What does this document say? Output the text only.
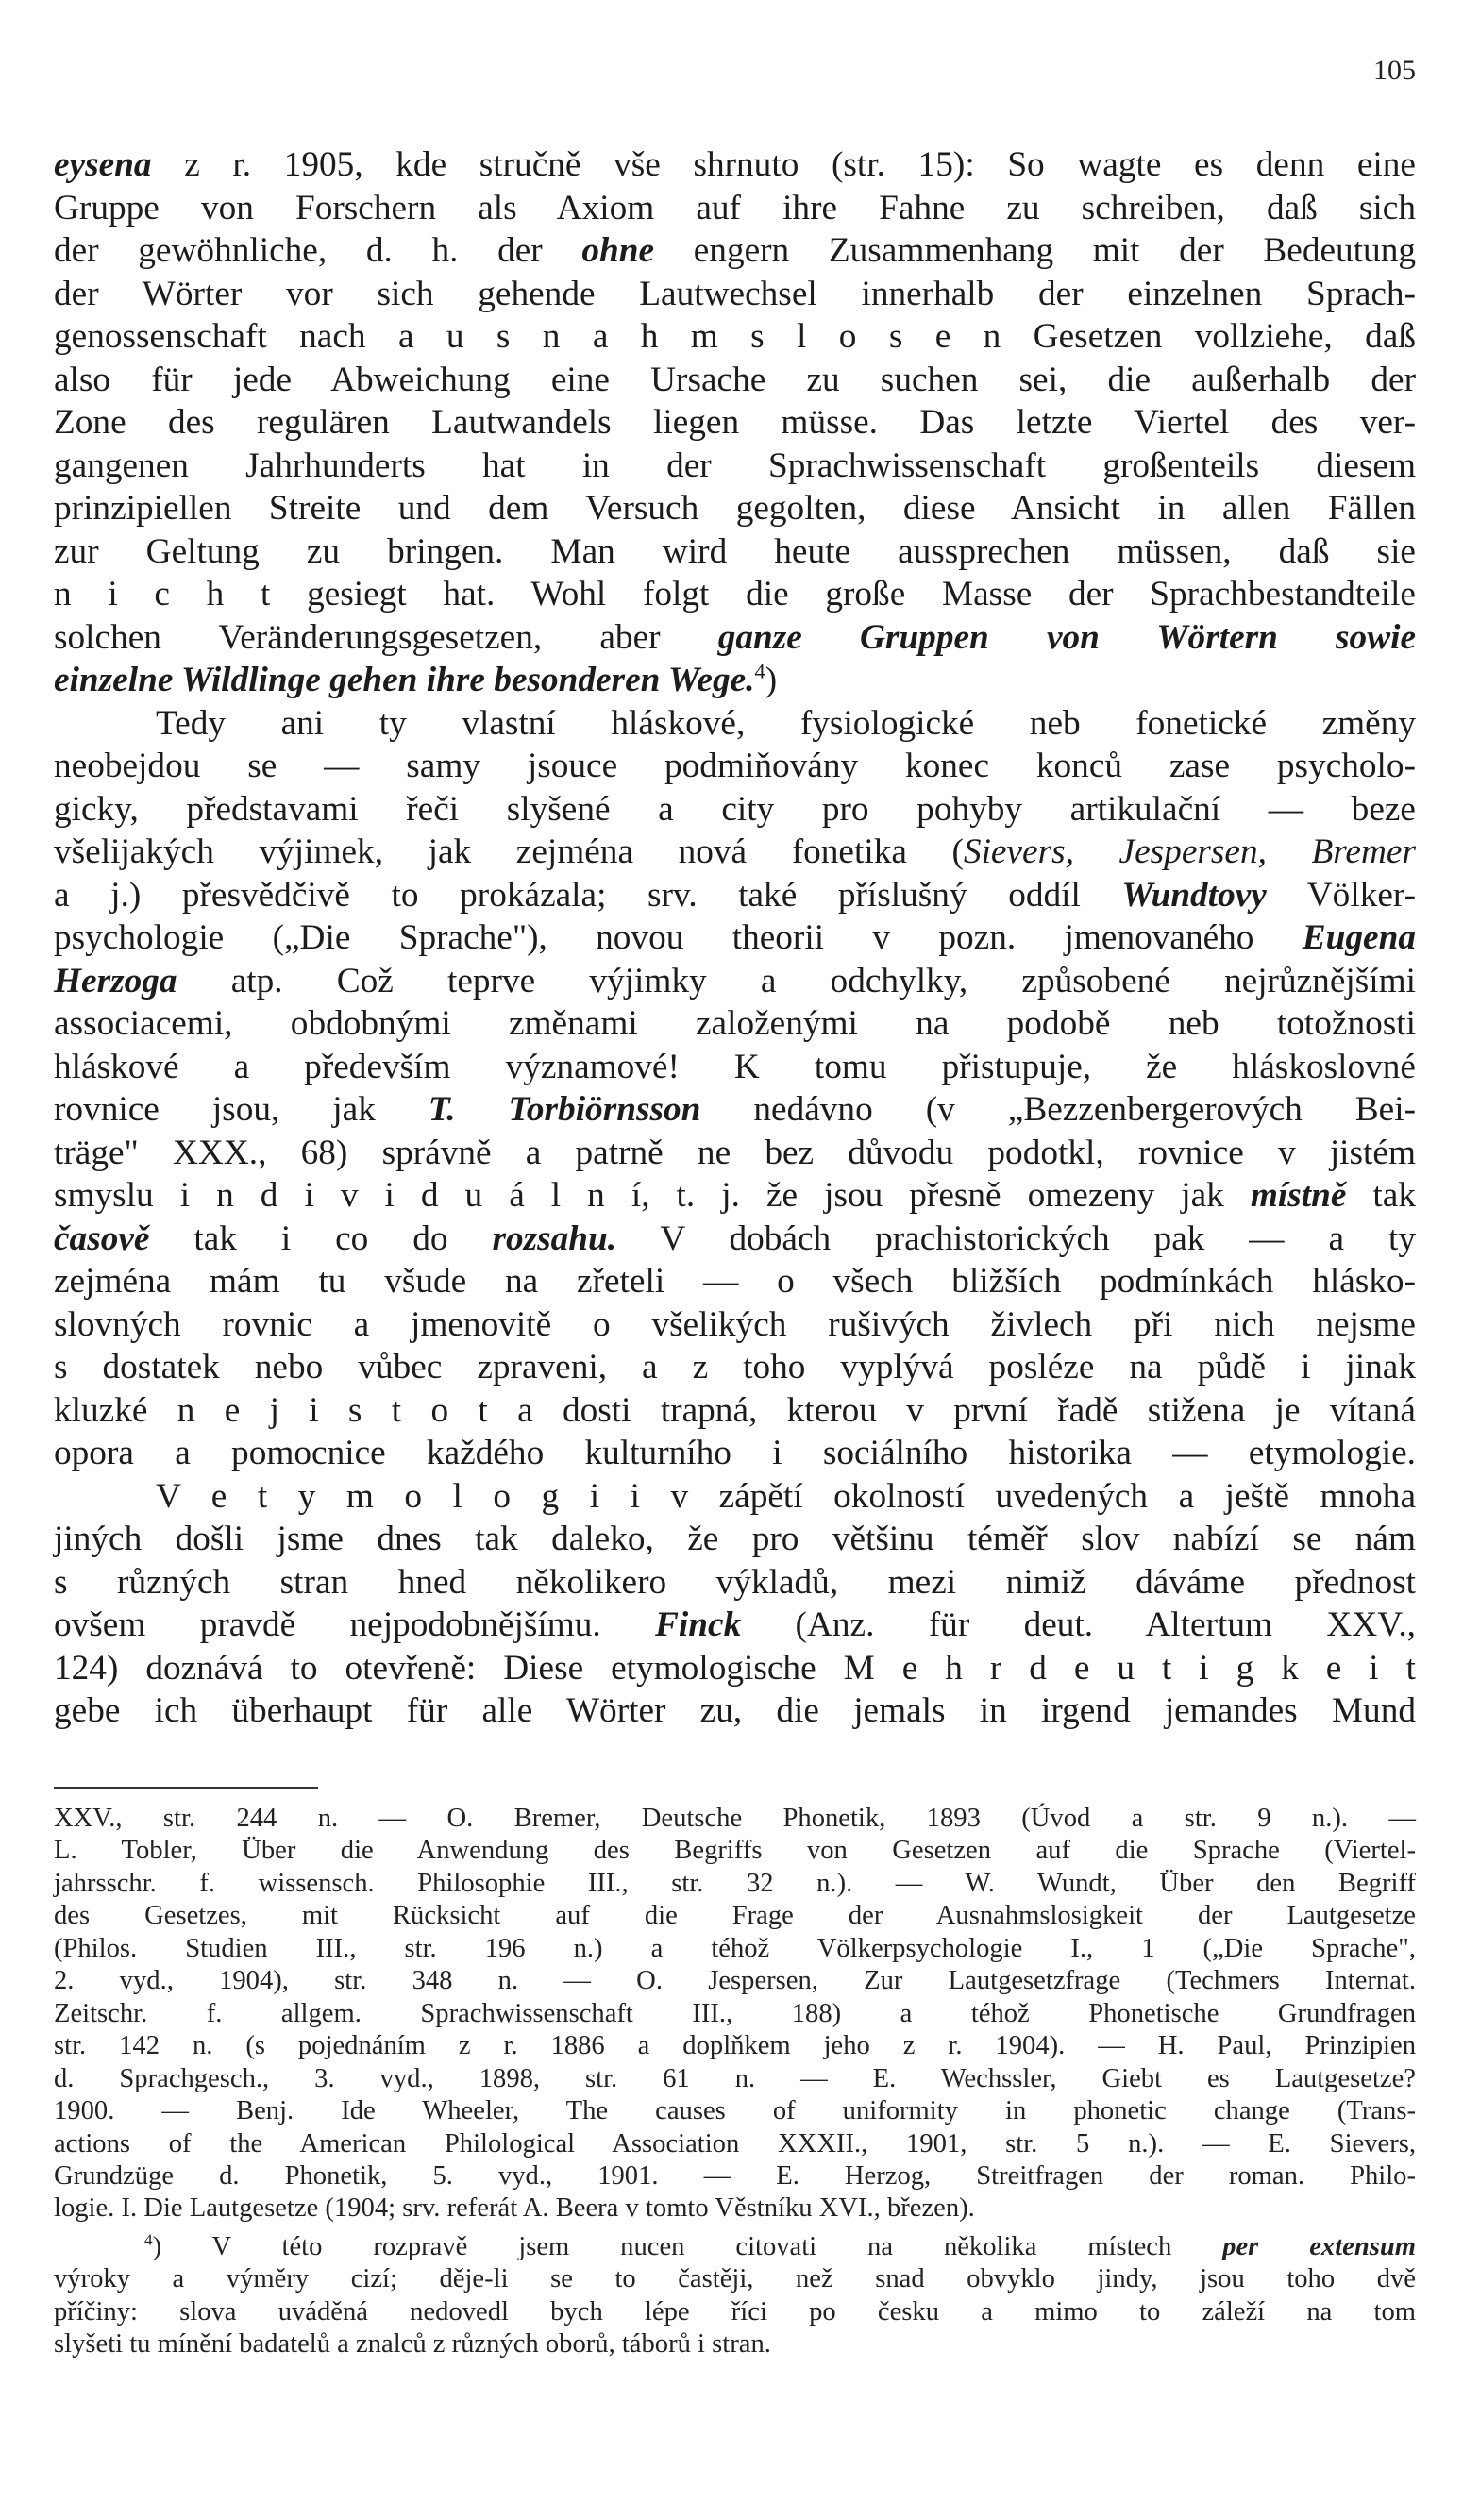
105
eysena z r. 1905, kde stručně vše shrnuto (str. 15): So wagte es denn eine
Gruppe von Forschern als Axiom auf ihre Fahne zu schreiben, daß sich
der gewöhnliche, d. h. der ohne engern Zusammenhang mit der Bedeutung
der Wörter vor sich gehende Lautwechsel innerhalb der einzelnen Sprach-
genossenschaft nach a u s n a h m s l o s e n Gesetzen vollziehe, daß
also für jede Abweichung eine Ursache zu suchen sei, die außerhalb der
Zone des regulären Lautwandels liegen müsse. Das letzte Viertel des ver-
gangenen Jahrhunderts hat in der Sprachwissenschaft großenteils diesem
prinzipiellen Streite und dem Versuch gegolten, diese Ansicht in allen Fällen
zur Geltung zu bringen. Man wird heute aussprechen müssen, daß sie
n i c h t gesiegt hat. Wohl folgt die große Masse der Sprachbestandteile
solchen Veränderungsgesetzen, aber ganze Gruppen von Wörtern sowie
einzelne Wildlinge gehen ihre besonderen Wege.$^4$)
Tedy ani ty vlastní hláskové, fysiologické neb fonetické změny
neobejdou se — samy jsouce podmiňovány konec konců zase psycholo-
gicky, představami řeči slyšené a city pro pohyby artikulační — beze
všelijakých výjimek, jak zejména nová fonetika (Sievers, Jespersen, Bremer
a j.) přesvědčivě to prokázala; srv. také příslušný oddíl Wundtovy Völker-
psychologie („Die Sprache"), novou theorii v pozn. jmenovaného Eugena
Herzoga atp. Což teprve výjimky a odchylky, způsobené nejrůznějšími
associacemi, obdobnými změnami založenými na podobě neb totožnosti
hláskové a především významové! K tomu přistupuje, že hláskoslovné
rovnice jsou, jak T. Torbiörnsson nedávno (v „Bezzenbergerových Bei-
träge" XXX., 68) správně a patrně ne bez důvodu podotkl, rovnice v jistém
smyslu i n d i v i d u á l n í, t. j. že jsou přesně omezeny jak místně tak
časově tak i co do rozsahu. V dobách prachistorických pak — a ty
zejména mám tu všude na zřeteli — o všech bližších podmínkách hlásko-
slovných rovnic a jmenovitě o všelikých rušivých živlech při nich nejsme
s dostatek nebo vůbec zpraveni, a z toho vyplývá posléze na půdě i jinak
kluzké n e j i s t o t a dosti trapná, kterou v první řadě stižena je vítaná
opora a pomocnice každého kulturního i sociálního historika — etymologie.
V e t y m o l o g i i v zápětí okolností uvedených a ještě mnoha
jiných došli jsme dnes tak daleko, že pro většinu téměř slov nabízí se nám
s různých stran hned několikero výkladů, mezi nimiž dáváme přednost
ovšem pravdě nejpodobnějšímu. Finck (Anz. für deut. Altertum XXV.,
124) doznává to otevřeně: Diese etymologische M e h r d e u t i g k e i t
gebe ich überhaupt für alle Wörter zu, die jemals in irgend jemandes Mund
XXV., str. 244 n. — O. Bremer, Deutsche Phonetik, 1893 (Úvod a str. 9 n.). —
L. Tobler, Über die Anwendung des Begriffs von Gesetzen auf die Sprache (Viertel-
jahrsschr. f. wissensch. Philosophie III., str. 32 n.). — W. Wundt, Über den Begriff
des Gesetzes, mit Rücksicht auf die Frage der Ausnahmslosigkeit der Lautgesetze
(Philos. Studien III., str. 196 n.) a téhož Völkerpsychologie I., 1 („Die Sprache",
2. vyd., 1904), str. 348 n. — O. Jespersen, Zur Lautgesetzfrage (Techmers Internat.
Zeitschr. f. allgem. Sprachwissenschaft III., 188) a téhož Phonetische Grundfragen
str. 142 n. (s pojednáním z r. 1886 a doplňkem jeho z r. 1904). — H. Paul, Prinzipien
d. Sprachgesch., 3. vyd., 1898, str. 61 n. — E. Wechssler, Giebt es Lautgesetze?
1900. — Benj. Ide Wheeler, The causes of uniformity in phonetic change (Trans-
actions of the American Philological Association XXXII., 1901, str. 5 n.). — E. Sievers,
Grundzüge d. Phonetik, 5. vyd., 1901. — E. Herzog, Streitfragen der roman. Philo-
logie. I. Die Lautgesetze (1904; srv. referát A. Beera v tomto Věstníku XVI., březen).
$^4$) V této rozpravě jsem nucen citovati na několika místech per extensum
výroky a výměry cizí; děje-li se to častěji, než snad obvyklo jindy, jsou toho dvě
příčiny: slova uváděná nedovedl bych lépe říci po česku a mimo to záleží na tom
slyšeti tu mínění badatelů a znalců z různých oborů, táborů i stran.
